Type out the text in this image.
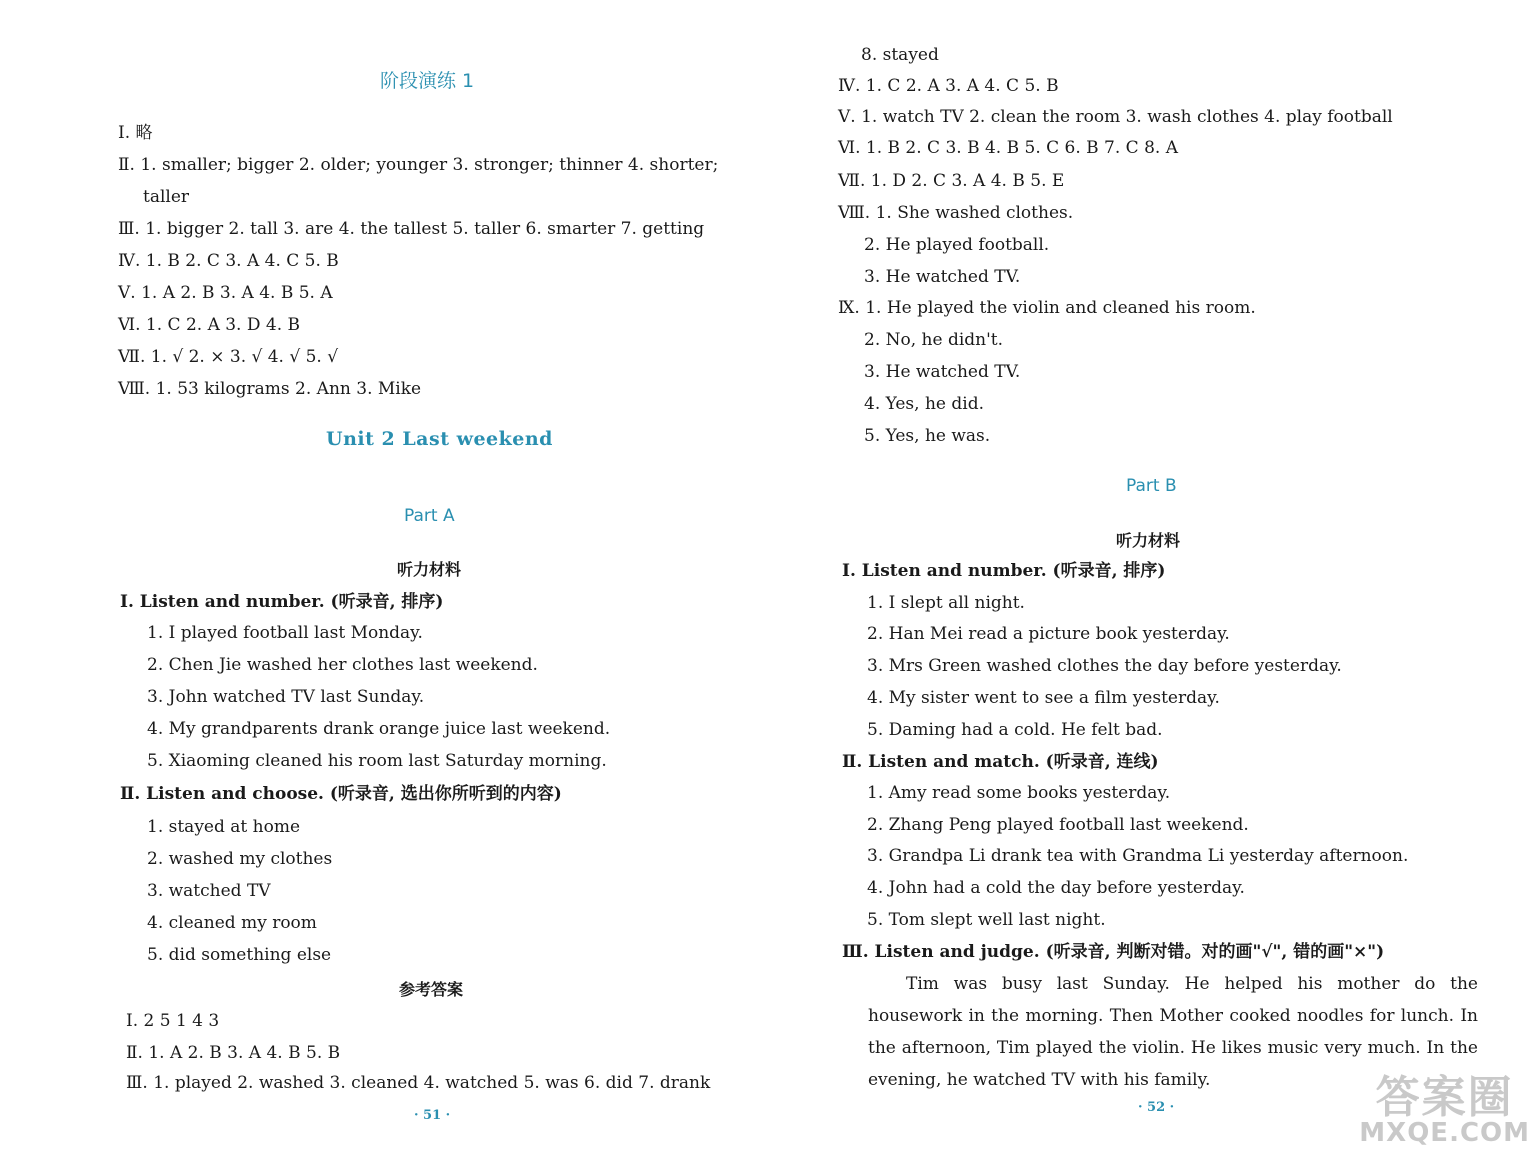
阶段演练 1
Ⅰ. 略
Ⅱ. 1. smaller; bigger 2. older; younger 3. stronger; thinner 4. shorter;
taller
Ⅲ. 1. bigger 2. tall 3. are 4. the tallest 5. taller 6. smarter 7. getting
Ⅳ. 1. B 2. C 3. A 4. C 5. B
Ⅴ. 1. A 2. B 3. A 4. B 5. A
Ⅵ. 1. C 2. A 3. D 4. B
Ⅶ. 1. √ 2. × 3. √ 4. √ 5. √
Ⅷ. 1. 53 kilograms 2. Ann 3. Mike
Unit 2 Last weekend
Part A
听力材料
Ⅰ. Listen and number. (听录音, 排序)
1. I played football last Monday.
2. Chen Jie washed her clothes last weekend.
3. John watched TV last Sunday.
4. My grandparents drank orange juice last weekend.
5. Xiaoming cleaned his room last Saturday morning.
Ⅱ. Listen and choose. (听录音, 选出你所听到的内容)
1. stayed at home
2. washed my clothes
3. watched TV
4. cleaned my room
5. did something else
参考答案
Ⅰ. 2 5 1 4 3
Ⅱ. 1. A 2. B 3. A 4. B 5. B
Ⅲ. 1. played 2. washed 3. cleaned 4. watched 5. was 6. did 7. drank
· 51 ·
8. stayed
Ⅳ. 1. C 2. A 3. A 4. C 5. B
Ⅴ. 1. watch TV 2. clean the room 3. wash clothes 4. play football
Ⅵ. 1. B 2. C 3. B 4. B 5. C 6. B 7. C 8. A
Ⅶ. 1. D 2. C 3. A 4. B 5. E
Ⅷ. 1. She washed clothes.
2. He played football.
3. He watched TV.
Ⅸ. 1. He played the violin and cleaned his room.
2. No, he didn't.
3. He watched TV.
4. Yes, he did.
5. Yes, he was.
Part B
听力材料
Ⅰ. Listen and number. (听录音, 排序)
1. I slept all night.
2. Han Mei read a picture book yesterday.
3. Mrs Green washed clothes the day before yesterday.
4. My sister went to see a film yesterday.
5. Daming had a cold. He felt bad.
Ⅱ. Listen and match. (听录音, 连线)
1. Amy read some books yesterday.
2. Zhang Peng played football last weekend.
3. Grandpa Li drank tea with Grandma Li yesterday afternoon.
4. John had a cold the day before yesterday.
5. Tom slept well last night.
Ⅲ. Listen and judge. (听录音, 判断对错。对的画"√", 错的画"×")
Tim was busy last Sunday. He helped his mother do the housework in the morning. Then Mother cooked noodles for lunch. In the afternoon, Tim played the violin. He likes music very much. In the evening, he watched TV with his family.
· 52 ·	答案圈
MXQE.COM
